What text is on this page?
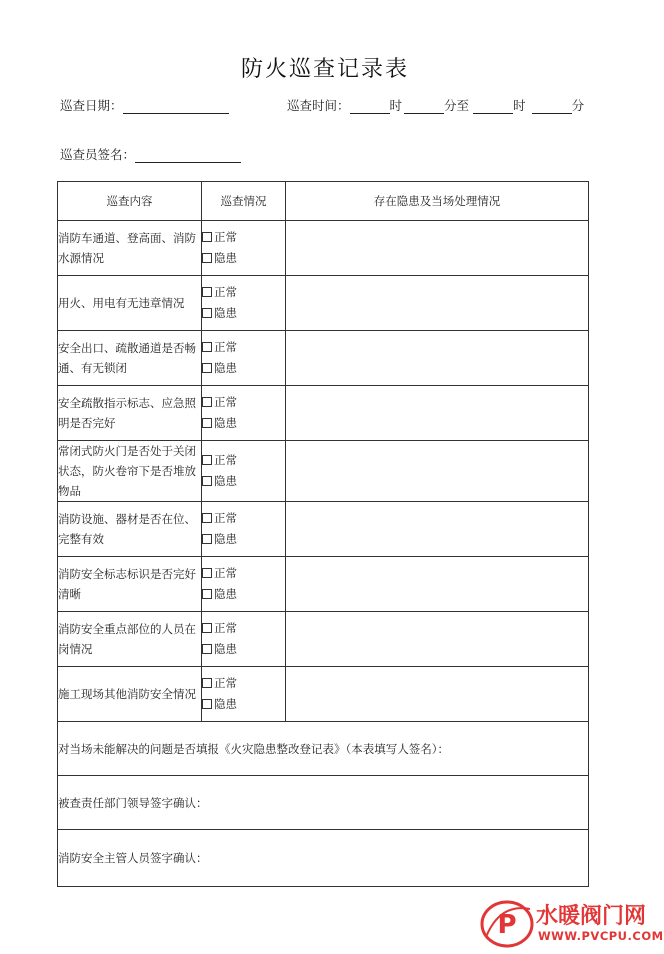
防火巡查记录表
巡查日期：	巡查时间：	时	分至	时	分
巡查员签名：
巡查内容	巡查情况	存在隐患及当场处理情况
消防车通道、登高面、消防水源情况	正常
隐患	

用火、用电有无违章情况	正常
隐患	

安全出口、疏散通道是否畅通、有无锁闭	正常
隐患	

安全疏散指示标志、应急照明是否完好	正常
隐患	

常闭式防火门是否处于关闭状态，防火卷帘下是否堆放物品	正常
隐患	

消防设施、器材是否在位、完整有效	正常
隐患	

消防安全标志标识是否完好清晰	正常
隐患	

消防安全重点部位的人员在岗情况	正常
隐患	

施工现场其他消防安全情况	正常
隐患	

对当场未能解决的问题是否填报《火灾隐患整改登记表》（本表填写人签名）：		
被查责任部门领导签字确认：		
消防安全主管人员签字确认：		
P 水暖阀门网
WWW.PVCPU.COM
